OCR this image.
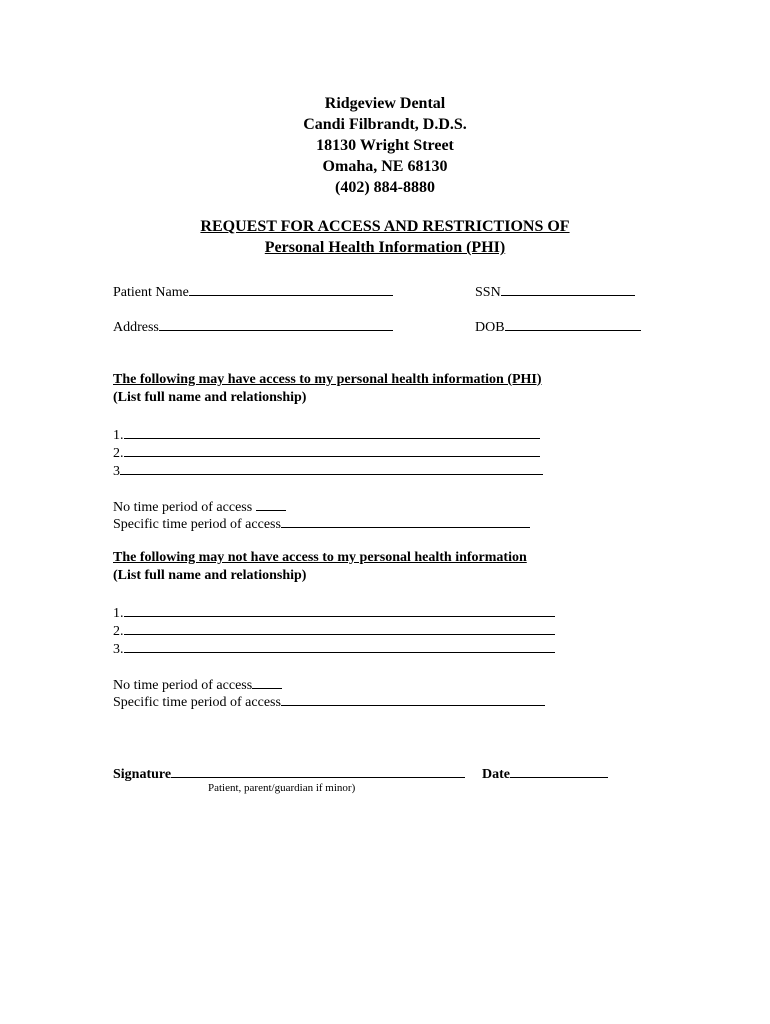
Ridgeview Dental
Candi Filbrandt, D.D.S.
18130 Wright Street
Omaha, NE 68130
(402) 884-8880
REQUEST FOR ACCESS AND RESTRICTIONS OF
Personal Health Information (PHI)
Patient Name	SSN
Address	DOB
The following may have access to my personal health information (PHI)
(List full name and relationship)
1.
2.
3
No time period of access
Specific time period of access
The following may not have access to my personal health information
(List full name and relationship)
1.
2.
3.
No time period of access
Specific time period of access
Signature	Date
Patient, parent/guardian if minor)
